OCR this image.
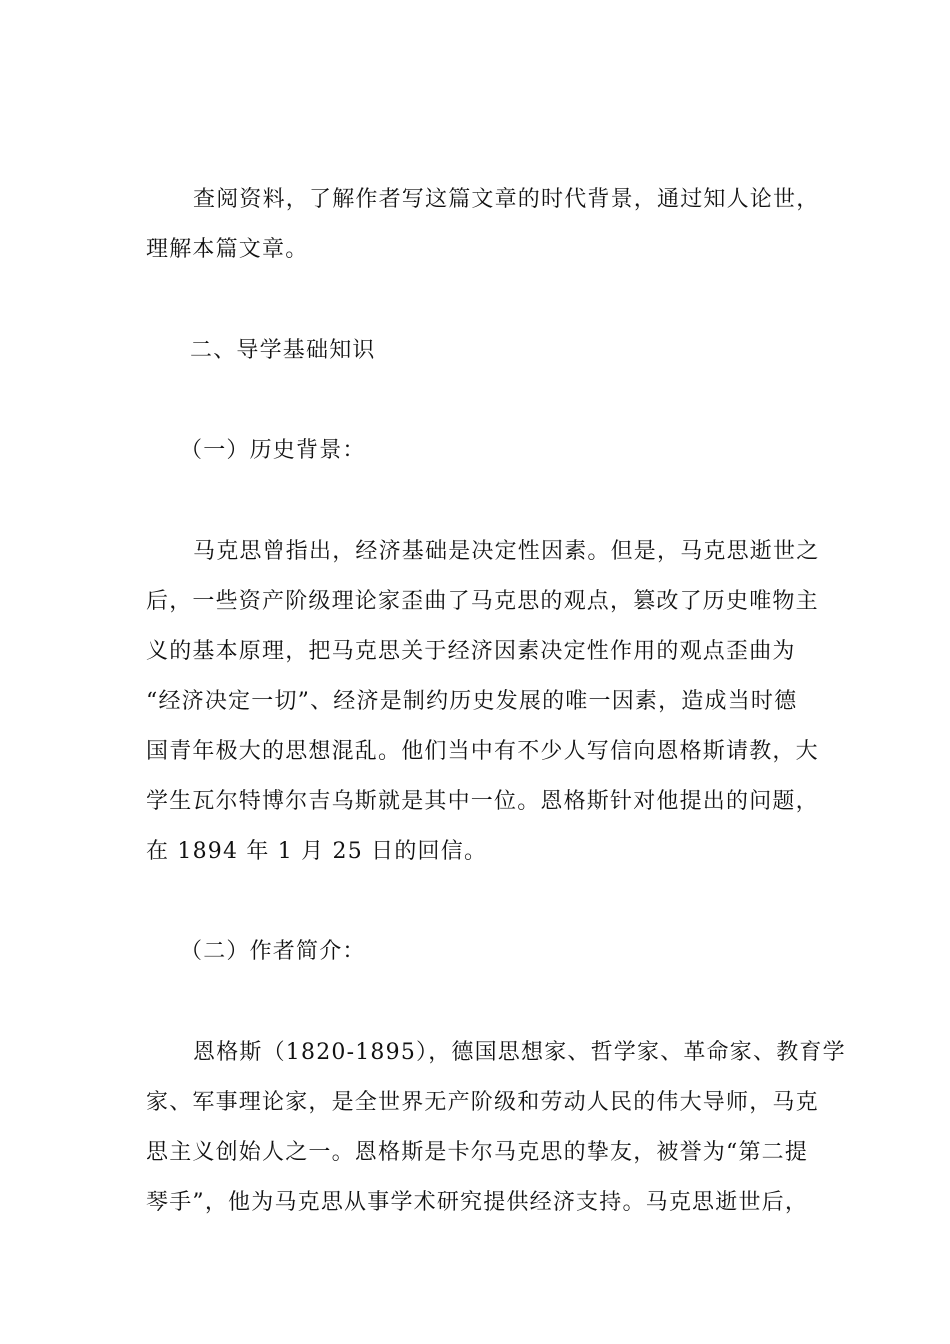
查阅资料，了解作者写这篇文章的时代背景，通过知人论世，
理解本篇文章。
二、导学基础知识
（一）历史背景：
马克思曾指出，经济基础是决定性因素。但是，马克思逝世之
后，一些资产阶级理论家歪曲了马克思的观点，篡改了历史唯物主
义的基本原理，把马克思关于经济因素决定性作用的观点歪曲为
“经济决定一切”、经济是制约历史发展的唯一因素，造成当时德
国青年极大的思想混乱。他们当中有不少人写信向恩格斯请教，大
学生瓦尔特博尔吉乌斯就是其中一位。恩格斯针对他提出的问题，
在 1894 年 1 月 25 日的回信。
（二）作者简介：
恩格斯（1820-1895），德国思想家、哲学家、革命家、教育学
家、军事理论家，是全世界无产阶级和劳动人民的伟大导师，马克
思主义创始人之一。恩格斯是卡尔马克思的挚友，被誉为“第二提
琴手”，他为马克思从事学术研究提供经济支持。马克思逝世后，
